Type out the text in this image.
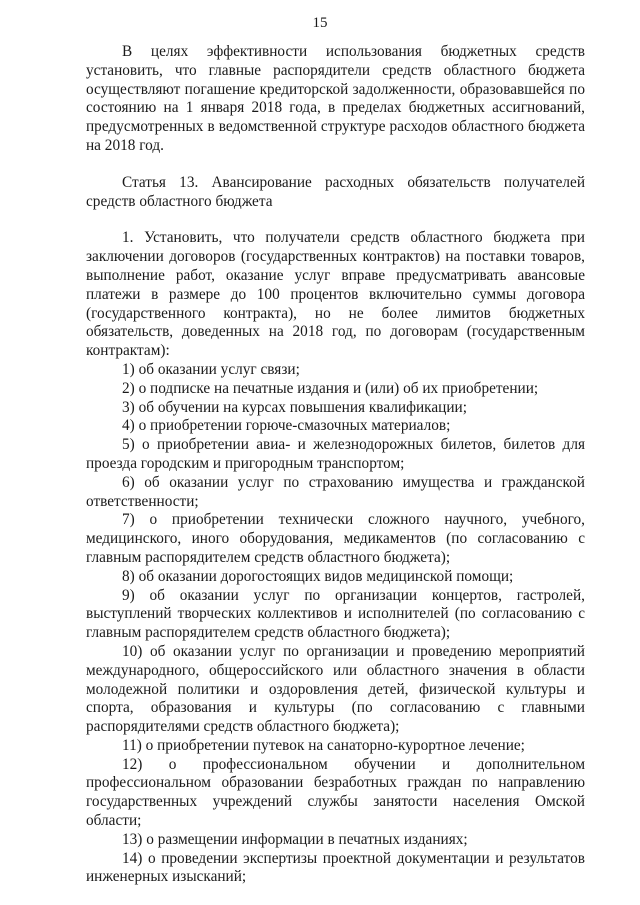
15

В целях эффективности использования бюджетных средств установить, что главные распорядители средств областного бюджета осуществляют погашение кредиторской задолженности, образовавшейся по состоянию на 1 января 2018 года, в пределах бюджетных ассигнований, предусмотренных в ведомственной структуре расходов областного бюджета на 2018 год.

Статья 13. Авансирование расходных обязательств получателей средств областного бюджета

1. Установить, что получатели средств областного бюджета при заключении договоров (государственных контрактов) на поставки товаров, выполнение работ, оказание услуг вправе предусматривать авансовые платежи в размере до 100 процентов включительно суммы договора (государственного контракта), но не более лимитов бюджетных обязательств, доведенных на 2018 год, по договорам (государственным контрактам):

1) об оказании услуг связи;

2) о подписке на печатные издания и (или) об их приобретении;

3) об обучении на курсах повышения квалификации;

4) о приобретении горюче-смазочных материалов;

5) о приобретении авиа- и железнодорожных билетов, билетов для проезда городским и пригородным транспортом;

6) об оказании услуг по страхованию имущества и гражданской ответственности;

7) о приобретении технически сложного научного, учебного, медицинского, иного оборудования, медикаментов (по согласованию с главным распорядителем средств областного бюджета);

8) об оказании дорогостоящих видов медицинской помощи;

9) об оказании услуг по организации концертов, гастролей, выступлений творческих коллективов и исполнителей (по согласованию с главным распорядителем средств областного бюджета);

10) об оказании услуг по организации и проведению мероприятий международного, общероссийского или областного значения в области молодежной политики и оздоровления детей, физической культуры и спорта, образования и культуры (по согласованию с главными распорядителями средств областного бюджета);

11) о приобретении путевок на санаторно-курортное лечение;

12) о профессиональном обучении и дополнительном профессиональном образовании безработных граждан по направлению государственных учреждений службы занятости населения Омской области;

13) о размещении информации в печатных изданиях;

14) о проведении экспертизы проектной документации и результатов инженерных изысканий;
